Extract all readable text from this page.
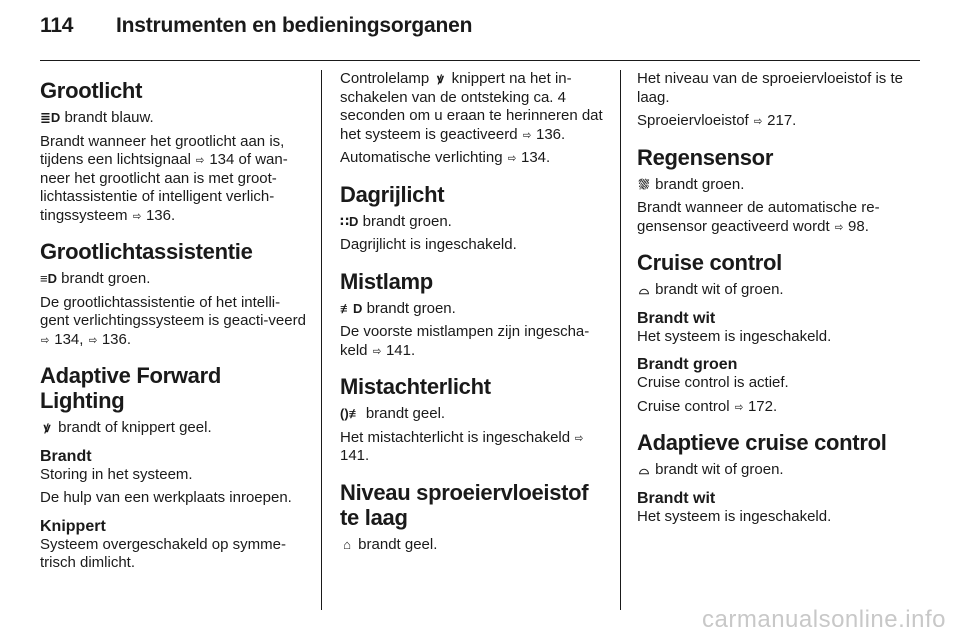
114 Instrumenten en bedieningsorganen
Grootlicht

≣D brandt blauw.

Brandt wanneer het grootlicht aan is, tijdens een lichtsignaal ⇨ 134 of wan-neer het grootlicht aan is met groot-lichtassistentie of intelligent verlich-tingssysteem ⇨ 136.

Grootlichtassistentie

≡D brandt groen.

De grootlichtassistentie of het intelli-gent verlichtingssysteem is geacti-veerd ⇨ 134, ⇨ 136.

Adaptive Forward Lighting

ꝟ brandt of knippert geel.

Brandt

Storing in het systeem.

De hulp van een werkplaats inroepen.

Knippert

Systeem overgeschakeld op symme-trisch dimlicht.

Controlelamp ꝟ knippert na het in-schakelen van de ontsteking ca. 4 seconden om u eraan te herinneren dat het systeem is geactiveerd ⇨ 136.

Automatische verlichting ⇨ 134.

Dagrijlicht

∷D brandt groen.

Dagrijlicht is ingeschakeld.

Mistlamp

≢D brandt groen.

De voorste mistlampen zijn ingescha-keld ⇨ 141.

Mistachterlicht

()≢ brandt geel.

Het mistachterlicht is ingeschakeld ⇨ 141.

Niveau sproeiervloeistof te laag

⌂ brandt geel.

Het niveau van de sproeiervloeistof is te laag.

Sproeiervloeistof ⇨ 217.

Regensensor

⛆ brandt groen.

Brandt wanneer de automatische re-gensensor geactiveerd wordt ⇨ 98.

Cruise control

⌓ brandt wit of groen.

Brandt wit

Het systeem is ingeschakeld.

Brandt groen

Cruise control is actief.

Cruise control ⇨ 172.

Adaptieve cruise control

⌓ brandt wit of groen.

Brandt wit

Het systeem is ingeschakeld.

carmanualsonline.info
